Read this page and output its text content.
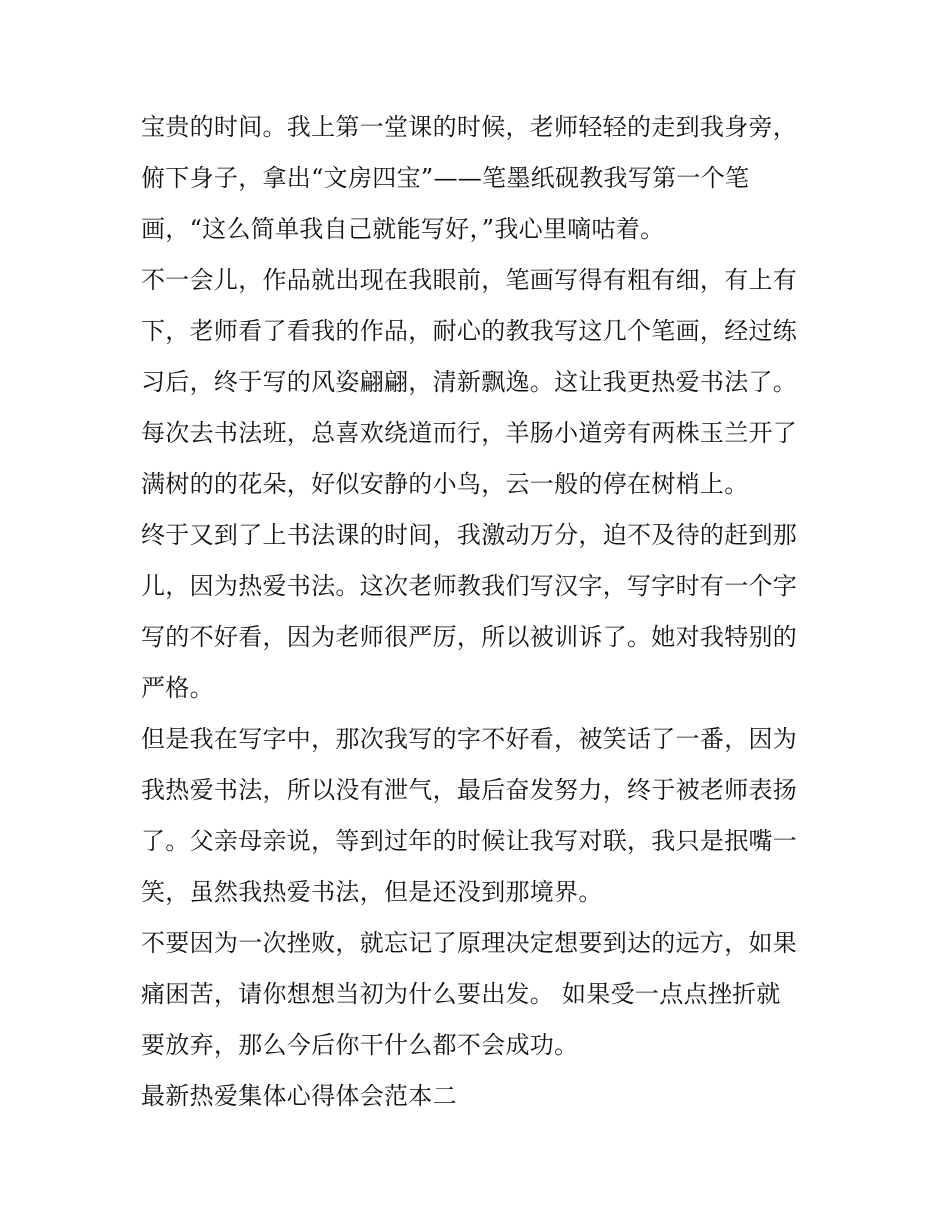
宝贵的时间。我上第一堂课的时候，老师轻轻的走到我身旁，
俯下身子，拿出“文房四宝”——笔墨纸砚教我写第一个笔
画，“这么简单我自己就能写好，”我心里嘀咕着。
不一会儿，作品就出现在我眼前，笔画写得有粗有细，有上有
下，老师看了看我的作品，耐心的教我写这几个笔画，经过练
习后，终于写的风姿翩翩，清新飘逸。这让我更热爱书法了。
每次去书法班，总喜欢绕道而行，羊肠小道旁有两株玉兰开了
满树的的花朵，好似安静的小鸟，云一般的停在树梢上。
终于又到了上书法课的时间，我激动万分，迫不及待的赶到那
儿，因为热爱书法。这次老师教我们写汉字，写字时有一个字
写的不好看，因为老师很严厉，所以被训诉了。她对我特别的
严格。
但是我在写字中，那次我写的字不好看，被笑话了一番，因为
我热爱书法，所以没有泄气，最后奋发努力，终于被老师表扬
了。父亲母亲说，等到过年的时候让我写对联，我只是抿嘴一
笑，虽然我热爱书法，但是还没到那境界。
不要因为一次挫败，就忘记了原理决定想要到达的远方，如果
痛困苦，请你想想当初为什么要出发。 如果受一点点挫折就
要放弃，那么今后你干什么都不会成功。
最新热爱集体心得体会范本二
